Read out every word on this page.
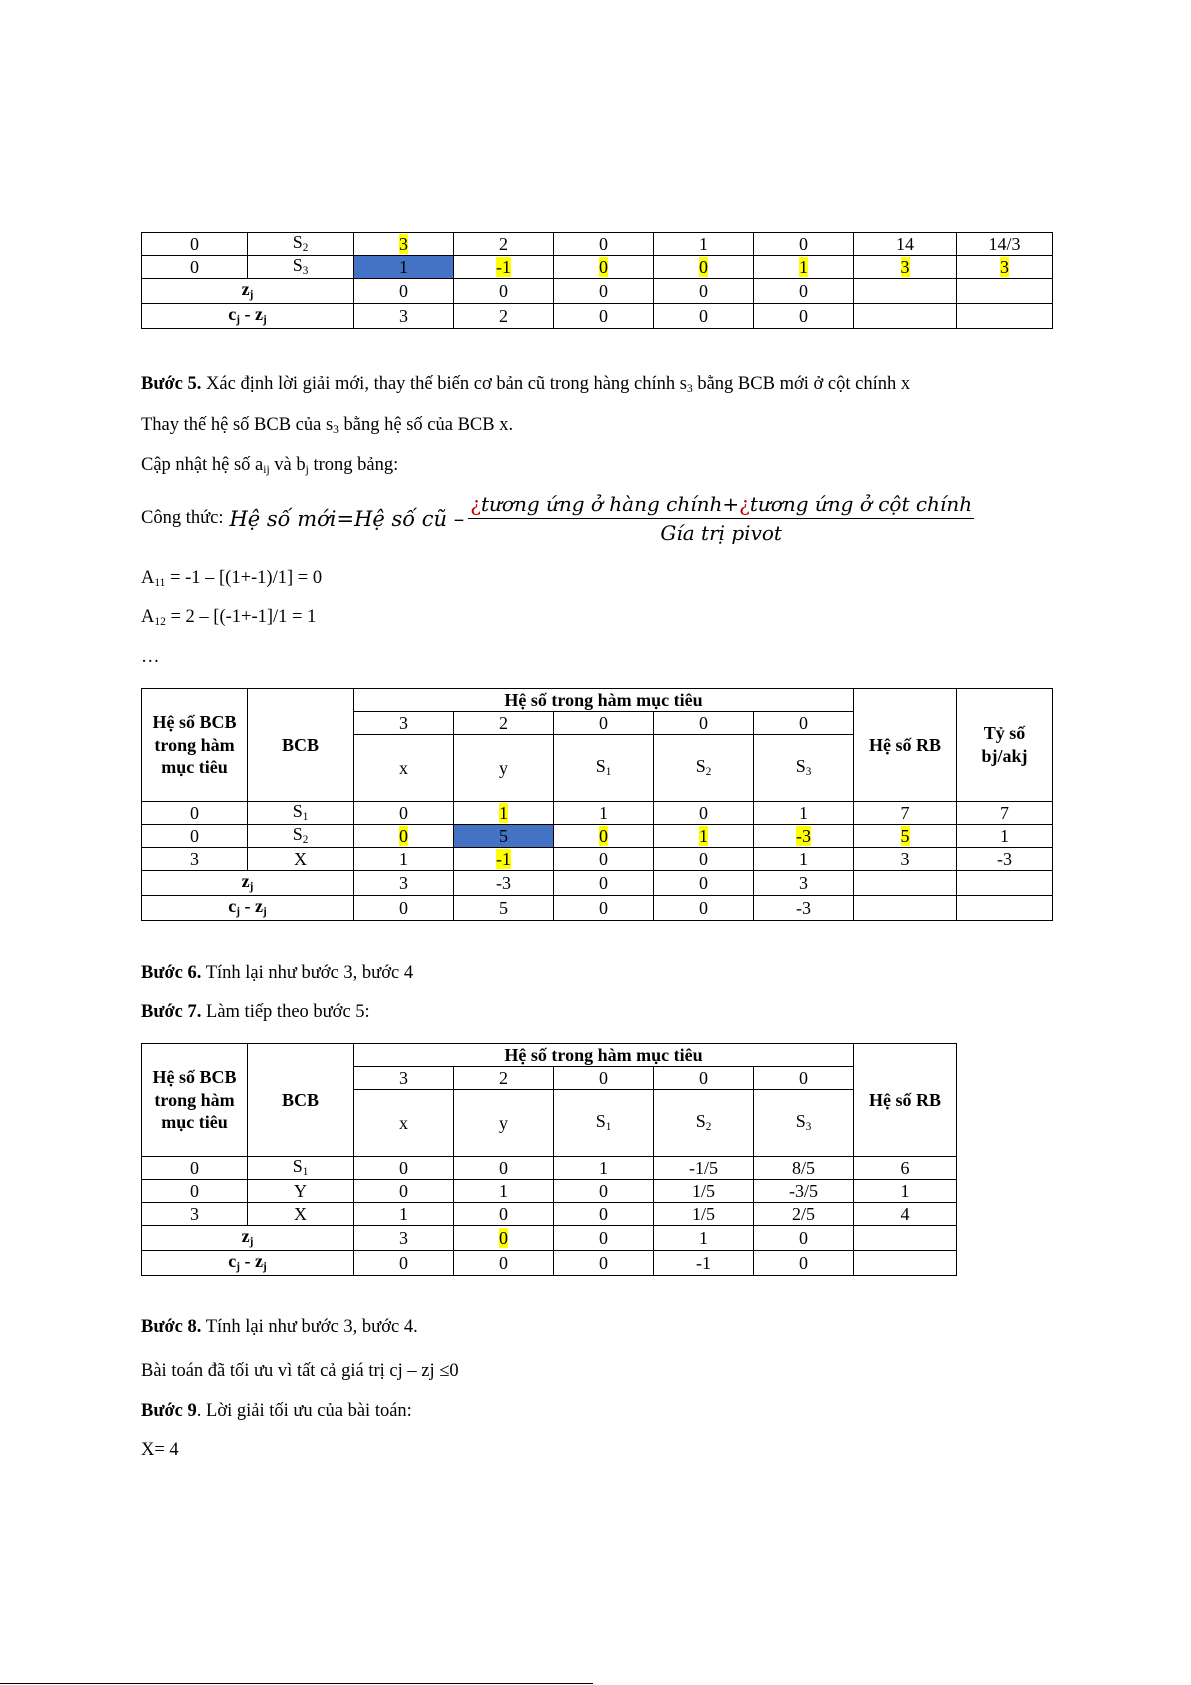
0	$S_2$	3	2	0	1	0	14	14/3
0	$S_3$	1	-1	0	0	1	3	3
$z_j$		0	0	0	0	0		
$c_j - z_j$		3	2	0	0	0		
Bước 5. Xác định lời giải mới, thay thế biến cơ bản cũ trong hàng chính $s_3$ bằng BCB mới ở cột chính x
Thay thế hệ số BCB của $s_3$ bằng hệ số của BCB x.
Cập nhật hệ số $a_{ij}$ và $b_j$ trong bảng:
Công thức: Hệ số mới=Hệ số cũ – $\frac{\text{¿tương ứng ở hàng chính+¿tương ứng ở cột chính}}{\text{Gía trị pivot}}$
$A_{11} = -1 - [(1+-1)/1] = 0$
$A_{12} = 2 - [(-1+-1]/1 = 1$
…
Hệ số BCB trong hàm mục tiêu	BCB	Hệ số trong hàm mục tiêu					Hệ số RB	Tỷ số bj/akj
		3	2	0	0	0		
		x	y	$S_1$	$S_2$	$S_3$
0	$S_1$	0	1	1	0	1	7	7
0	$S_2$	0	5	0	1	-3	5	1
3	X	1	-1	0	0	1	3	-3
$z_j$		3	-3	0	0	3		
$c_j - z_j$		0	5	0	0	-3		
Bước 6. Tính lại như bước 3, bước 4
Bước 7. Làm tiếp theo bước 5:
Hệ số BCB trong hàm mục tiêu	BCB	Hệ số trong hàm mục tiêu					Hệ số RB
		3	2	0	0	0	
		x	y	$S_1$	$S_2$	$S_3$
0	$S_1$	0	0	1	-1/5	8/5	6
0	Y	0	1	0	1/5	-3/5	1
3	X	1	0	0	1/5	2/5	4
$z_j$		3	0	0	1	0	
$c_j - z_j$		0	0	0	-1	0	
Bước 8. Tính lại như bước 3, bước 4.
Bài toán đã tối ưu vì tất cả giá trị cj – zj ≤0
Bước 9. Lời giải tối ưu của bài toán:
X= 4
